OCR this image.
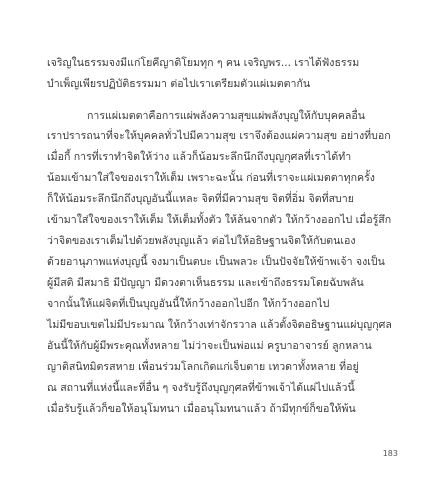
เจริญในธรรมจงมีแก่โยคีญาติโยมทุก ๆ คน เจริญพร... เราได้ฟังธรรม
บำเพ็ญเพียรปฏิบัติธรรมมา ต่อไปเราเตรียมตัวแผ่เมตตากัน
การแผ่เมตตาคือการแผ่พลังความสุขแผ่พลังบุญให้กับบุคคลอื่น
เราปรารถนาที่จะให้บุคคลทั่วไปมีความสุข เราจึงต้องแผ่ความสุข อย่างที่บอก
เมื่อกี้ การที่เราทำจิตให้ว่าง แล้วก็น้อมระลึกนึกถึงบุญกุศลที่เราได้ทำ
น้อมเข้ามาใส่ใจของเราให้เต็ม เพราะฉะนั้น ก่อนที่เราจะแผ่เมตตาทุกครั้ง
ก็ให้น้อมระลึกนึกถึงบุญอันนี้แหละ จิตที่มีความสุข จิตที่อิ่ม จิตที่สบาย
เข้ามาใส่ใจของเราให้เต็ม ให้เต็มทั้งตัว ให้ล้นจากตัว ให้กว้างออกไป เมื่อรู้สึก
ว่าจิตของเราเต็มไปด้วยพลังบุญแล้ว ต่อไปให้อธิษฐานจิตให้กับตนเอง
ด้วยอานุภาพแห่งบุญนี้ จงมาเป็นตบะ เป็นพลวะ เป็นปัจจัยให้ข้าพเจ้า จงเป็น
ผู้มีสติ มีสมาธิ มีปัญญา มีดวงตาเห็นธรรม และเข้าถึงธรรมโดยฉับพลัน
จากนั้นให้แผ่จิตที่เป็นบุญอันนี้ให้กว้างออกไปอีก ให้กว้างออกไป
ไม่มีขอบเขตไม่มีประมาณ ให้กว้างเท่าจักรวาล แล้วตั้งจิตอธิษฐานแผ่บุญกุศล
อันนี้ให้กับผู้มีพระคุณทั้งหลาย ไม่ว่าจะเป็นพ่อแม่ ครูบาอาจารย์ ลูกหลาน
ญาติสนิทมิตรสหาย เพื่อนร่วมโลกเกิดแก่เจ็บตาย เทวดาทั้งหลาย ที่อยู่
ณ สถานที่แห่งนี้และที่อื่น ๆ จงรับรู้ถึงบุญกุศลที่ข้าพเจ้าได้แผ่ไปแล้วนี้
เมื่อรับรู้แล้วก็ขอให้อนุโมทนา เมื่ออนุโมทนาแล้ว ถ้ามีทุกข์ก็ขอให้พ้น
183
